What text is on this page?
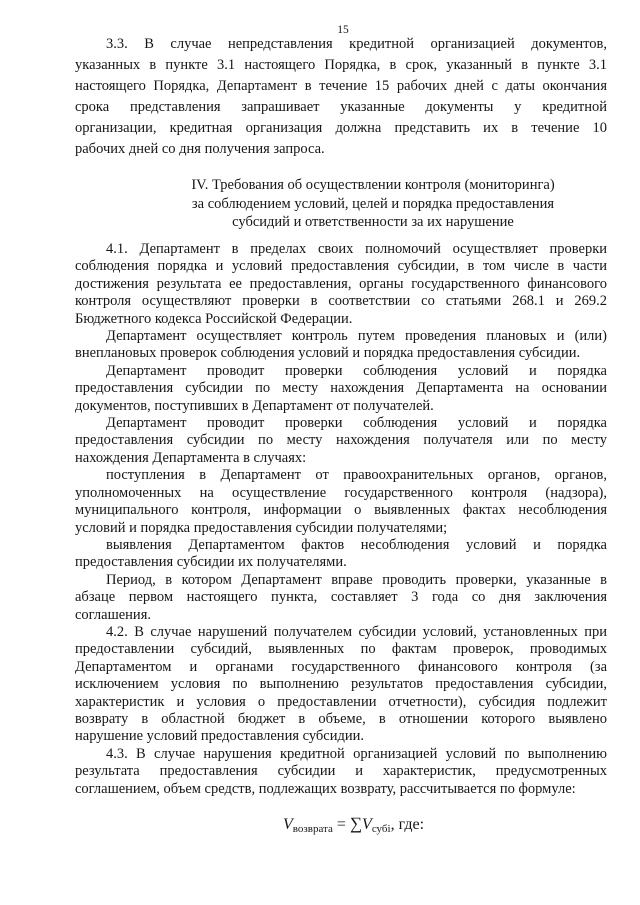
15
3.3. В случае непредставления кредитной организацией документов,
указанных в пункте 3.1 настоящего Порядка, в срок, указанный в пункте 3.1
настоящего Порядка, Департамент в течение 15 рабочих дней с даты окончания
срока представления запрашивает указанные документы у кредитной
организации, кредитная организация должна представить их в течение 10
рабочих дней со дня получения запроса.
IV. Требования об осуществлении контроля (мониторинга)
за соблюдением условий, целей и порядка предоставления
субсидий и ответственности за их нарушение
4.1. Департамент в пределах своих полномочий осуществляет проверки
соблюдения порядка и условий предоставления субсидии, в том числе в части
достижения результата ее предоставления, органы государственного финансового
контроля осуществляют проверки в соответствии со статьями 268.1 и 269.2
Бюджетного кодекса Российской Федерации.
Департамент осуществляет контроль путем проведения плановых и (или)
внеплановых проверок соблюдения условий и порядка предоставления субсидии.
Департамент проводит проверки соблюдения условий и порядка
предоставления субсидии по месту нахождения Департамента на основании
документов, поступивших в Департамент от получателей.
Департамент проводит проверки соблюдения условий и порядка
предоставления субсидии по месту нахождения получателя или по месту
нахождения Департамента в случаях:
поступления в Департамент от правоохранительных органов, органов,
уполномоченных на осуществление государственного контроля (надзора),
муниципального контроля, информации о выявленных фактах несоблюдения
условий и порядка предоставления субсидии получателями;
выявления Департаментом фактов несоблюдения условий и порядка
предоставления субсидии их получателями.
Период, в котором Департамент вправе проводить проверки, указанные в
абзаце первом настоящего пункта, составляет 3 года со дня заключения
соглашения.
4.2. В случае нарушений получателем субсидии условий, установленных при
предоставлении субсидий, выявленных по фактам проверок, проводимых
Департаментом и органами государственного финансового контроля (за
исключением условия по выполнению результатов предоставления субсидии,
характеристик и условия о предоставлении отчетности), субсидия подлежит
возврату в областной бюджет в объеме, в отношении которого выявлено
нарушение условий предоставления субсидии.
4.3. В случае нарушения кредитной организацией условий по выполнению
результата предоставления субсидии и характеристик, предусмотренных
соглашением, объем средств, подлежащих возврату, рассчитывается по формуле:
$V_{возврата} = \sum V_{субi}$, где:
